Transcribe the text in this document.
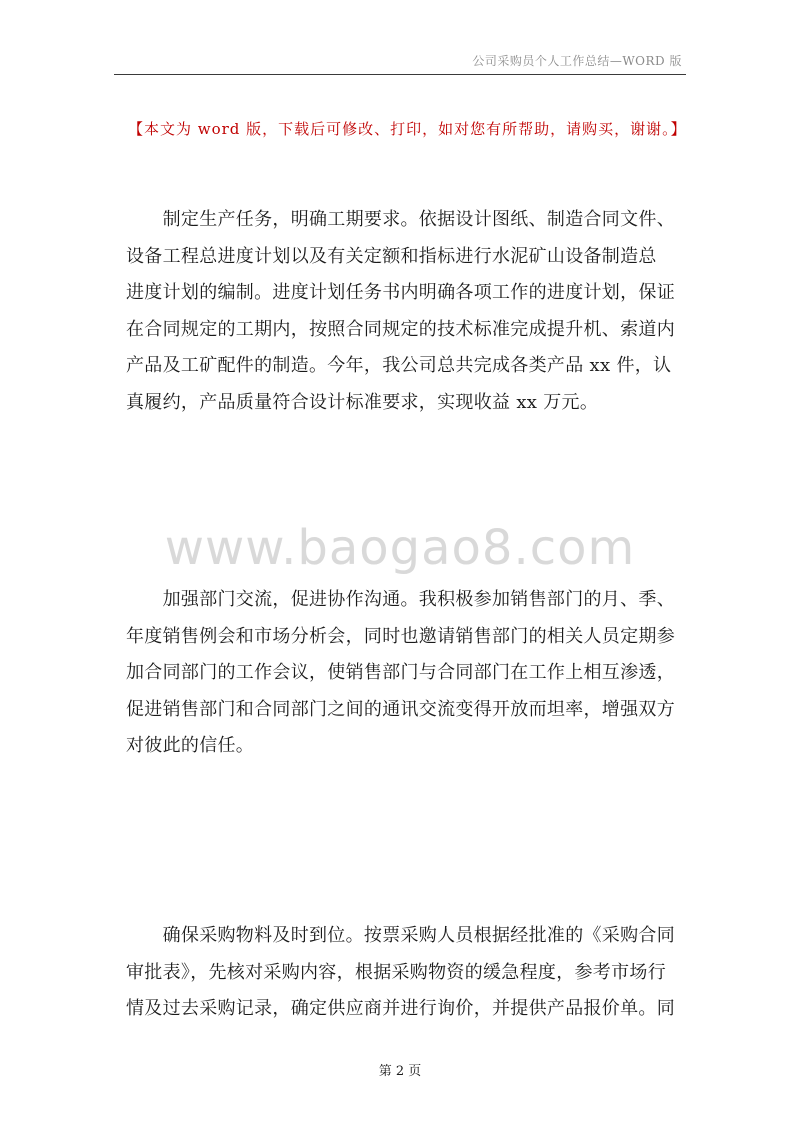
公司采购员个人工作总结—WORD 版
【本文为 word 版，下载后可修改、打印，如对您有所帮助，请购买，谢谢。】
　　制定生产任务，明确工期要求。依据设计图纸、制造合同文件、
设备工程总进度计划以及有关定额和指标进行水泥矿山设备制造总
进度计划的编制。进度计划任务书内明确各项工作的进度计划，保证
在合同规定的工期内，按照合同规定的技术标准完成提升机、索道内
产品及工矿配件的制造。今年，我公司总共完成各类产品 xx 件，认
真履约，产品质量符合设计标准要求，实现收益 xx 万元。
www.baogao8.com
　　加强部门交流，促进协作沟通。我积极参加销售部门的月、季、
年度销售例会和市场分析会，同时也邀请销售部门的相关人员定期参
加合同部门的工作会议，使销售部门与合同部门在工作上相互渗透，
促进销售部门和合同部门之间的通讯交流变得开放而坦率，增强双方
对彼此的信任。
　　确保采购物料及时到位。按票采购人员根据经批准的《采购合同
审批表》，先核对采购内容，根据采购物资的缓急程度，参考市场行
情及过去采购记录，确定供应商并进行询价，并提供产品报价单。同
第 2 页
